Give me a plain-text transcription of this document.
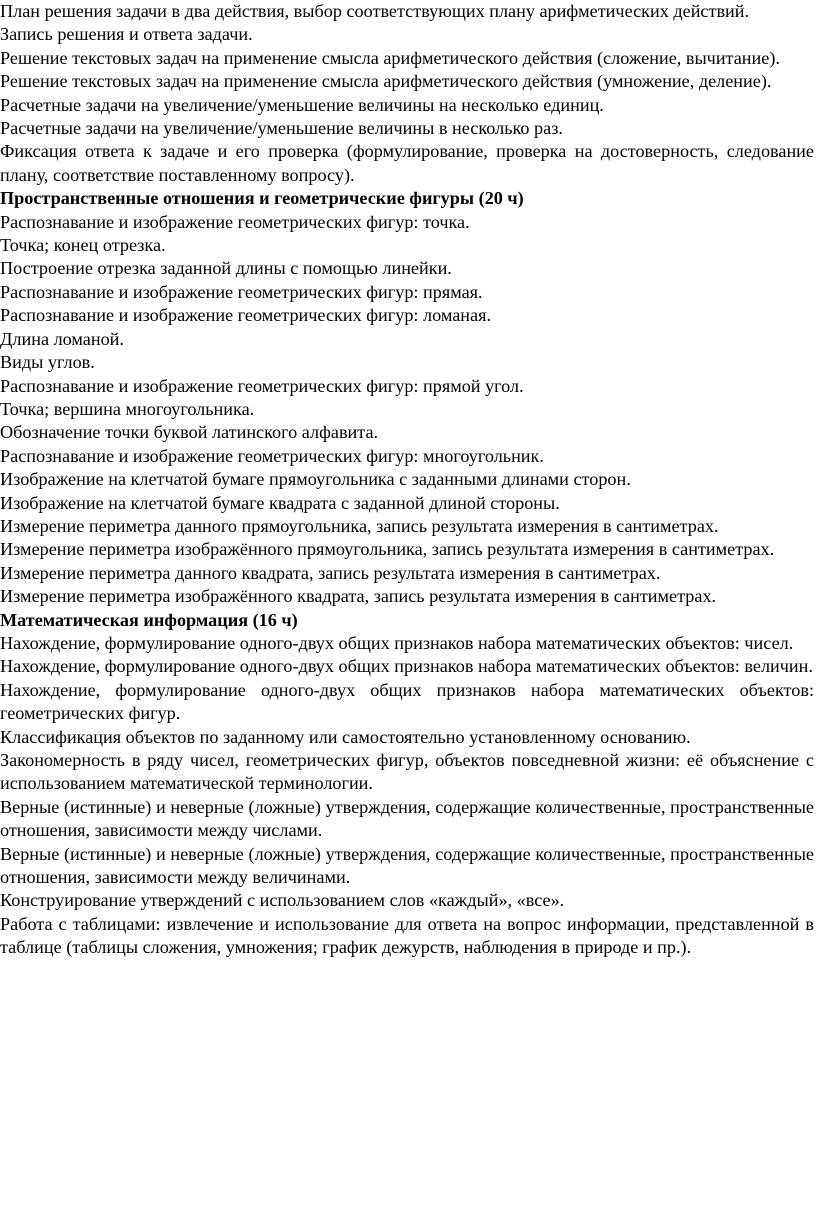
План решения задачи в два действия, выбор соответствующих плану арифметических действий.

Запись решения и ответа задачи.

Решение текстовых задач на применение смысла арифметического действия (сложение, вычитание).

Решение текстовых задач на применение смысла арифметического действия (умножение, деление).

Расчетные задачи на увеличение/уменьшение величины на несколько единиц.

Расчетные задачи на увеличение/уменьшение величины в несколько раз.

Фиксация ответа к задаче и его проверка (формулирование, проверка на достоверность, следование плану, соответствие поставленному вопросу).

Пространственные отношения и геометрические фигуры (20 ч)

Распознавание и изображение геометрических фигур: точка.

Точка; конец отрезка.

Построение отрезка заданной длины с помощью линейки.

Распознавание и изображение геометрических фигур: прямая.

Распознавание и изображение геометрических фигур: ломаная.

Длина ломаной.

Виды углов.

Распознавание и изображение геометрических фигур: прямой угол.

Точка; вершина многоугольника.

Обозначение точки буквой латинского алфавита.

Распознавание и изображение геометрических фигур: многоугольник.

Изображение на клетчатой бумаге прямоугольника с заданными длинами сторон.

Изображение на клетчатой бумаге квадрата с заданной длиной стороны.

Измерение периметра данного прямоугольника, запись результата измерения в сантиметрах.

Измерение периметра изображённого прямоугольника, запись результата измерения в сантиметрах.

Измерение периметра данного квадрата, запись результата измерения в сантиметрах.

Измерение периметра изображённого квадрата, запись результата измерения в сантиметрах.

Математическая информация (16 ч)

Нахождение, формулирование одного-двух общих признаков набора математических объектов: чисел.

Нахождение, формулирование одного-двух общих признаков набора математических объектов: величин.

Нахождение, формулирование одного-двух общих признаков набора математических объектов: геометрических фигур.

Классификация объектов по заданному или самостоятельно установленному основанию.

Закономерность в ряду чисел, геометрических фигур, объектов повседневной жизни: её объяснение с использованием математической терминологии.

Верные (истинные) и неверные (ложные) утверждения, содержащие количественные, пространственные отношения, зависимости между числами.

Верные (истинные) и неверные (ложные) утверждения, содержащие количественные, пространственные отношения, зависимости между величинами.

Конструирование утверждений с использованием слов «каждый», «все».

Работа с таблицами: извлечение и использование для ответа на вопрос информации, представленной в таблице (таблицы сложения, умножения; график дежурств, наблюдения в природе и пр.).
